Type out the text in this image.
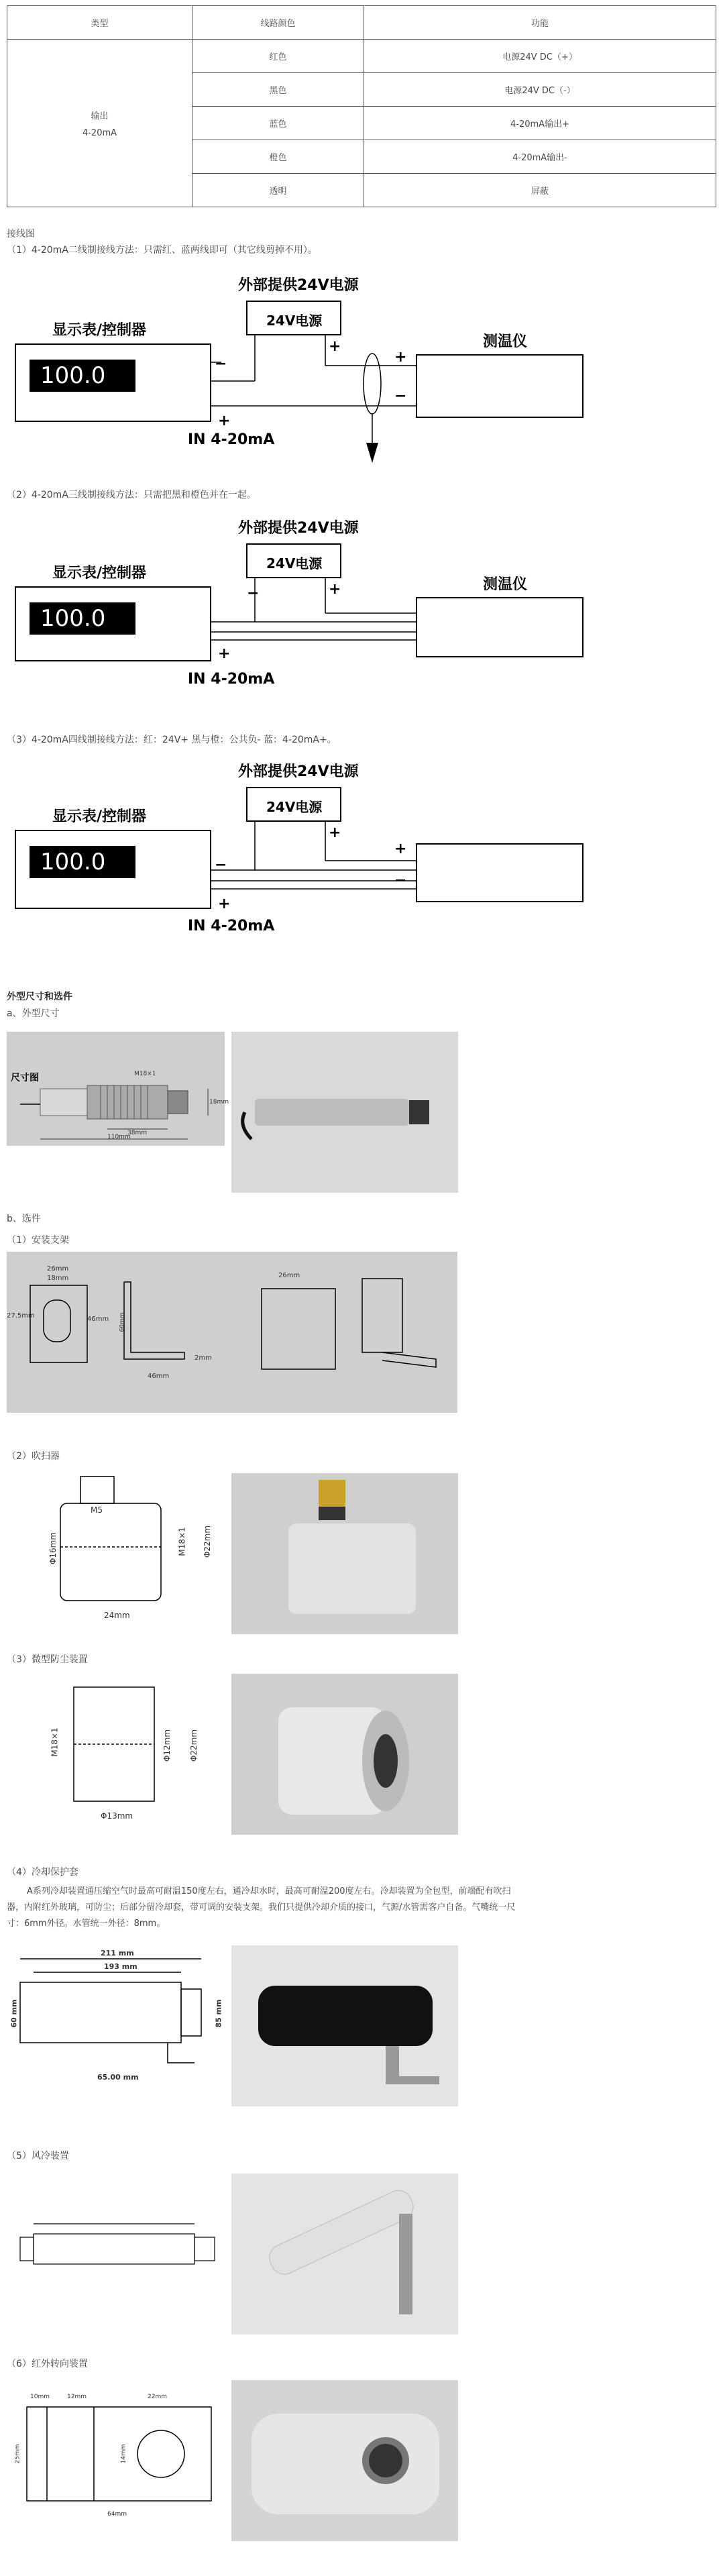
类型	线路颜色	功能

输出
4-20mA	红色	电源24V DC（+）
	黑色	电源24V DC（-）
	蓝色	4-20mA输出+
	橙色	4-20mA输出-
	透明	屏蔽
接线图
（1）4-20mA二线制接线方法：只需红、蓝两线即可（其它线剪掉不用）。
外部提供24V电源
24V电源
显示表/控制器
100.0
测温仪
−
+
+
−
+
IN 4-20mA
（2）4-20mA三线制接线方法：只需把黑和橙色并在一起。
外部提供24V电源
24V电源
显示表/控制器
100.0
测温仪
−	+
+
IN 4-20mA
（3）4-20mA四线制接线方法：红：24V+ 黑与橙：公共负- 蓝：4-20mA+。
外部提供24V电源
24V电源
显示表/控制器
100.0	−
+
+
−
+
IN 4-20mA
外型尺寸和选件
a、外型尺寸
尺寸图	M18×1
38mm
110mm
18mm
b、选件
（1）安装支架
26mm
18mm
27.5mm	46mm 60mm
46mm
2mm
26mm
（2）吹扫器
M5
Φ16mm	M18×1 Φ22mm
24mm
（3）微型防尘装置
M18×1	Φ12mm Φ22mm
Φ13mm
（4）冷却保护套
A系列冷却装置通压缩空气时最高可耐温150度左右，通冷却水时，最高可耐温200度左右。冷却装置为全包型，前端配有吹扫
器，内附红外玻璃，可防尘；后部分留冷却套，带可调的安装支架。我们只提供冷却介质的接口，气源/水管需客户自备。气嘴统一尺
寸：6mm外径。水管统一外径：8mm。
211 mm
193 mm
65.00 mm
60 mm	85 mm
（5）风冷装置
（6）红外转向装置
10mm	12mm	22mm
64mm
25mm	14mm
